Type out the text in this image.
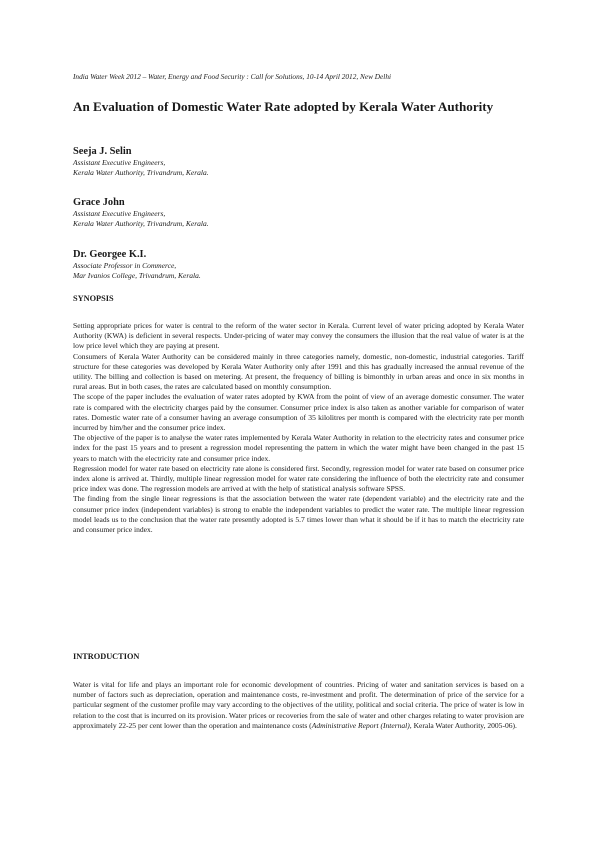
India Water Week 2012 – Water, Energy and Food Security : Call for Solutions, 10-14 April 2012, New Delhi
An Evaluation of Domestic Water Rate adopted by Kerala Water Authority
Seeja J. Selin
Assistant Executive Engineers,
Kerala Water Authority, Trivandrum, Kerala.
Grace John
Assistant Executive Engineers,
Kerala Water Authority, Trivandrum, Kerala.
Dr. Georgee K.I.
Associate Professor in Commerce,
Mar Ivanios College, Trivandrum, Kerala.
SYNOPSIS

Setting appropriate prices for water is central to the reform of the water sector in Kerala. Current level of water pricing adopted by Kerala Water Authority (KWA) is deficient in several respects. Under-pricing of water may convey the consumers the illusion that the real value of water is at the low price level which they are paying at present.

Consumers of Kerala Water Authority can be considered mainly in three categories namely, domestic, non-domestic, industrial categories. Tariff structure for these categories was developed by Kerala Water Authority only after 1991 and this has gradually increased the annual revenue of the utility. The billing and collection is based on metering. At present, the frequency of billing is bimonthly in urban areas and once in six months in rural areas. But in both cases, the rates are calculated based on monthly consumption.

The scope of the paper includes the evaluation of water rates adopted by KWA from the point of view of an average domestic consumer. The water rate is compared with the electricity charges paid by the consumer. Consumer price index is also taken as another variable for comparison of water rates. Domestic water rate of a consumer having an average consumption of 35 kilolitres per month is compared with the electricity rate per month incurred by him/her and the consumer price index.

The objective of the paper is to analyse the water rates implemented by Kerala Water Authority in relation to the electricity rates and consumer price index for the past 15 years and to present a regression model representing the pattern in which the water might have been changed in the past 15 years to match with the electricity rate and consumer price index.

Regression model for water rate based on electricity rate alone is considered first. Secondly, regression model for water rate based on consumer price index alone is arrived at. Thirdly, multiple linear regression model for water rate considering the influence of both the electricity rate and consumer price index was done. The regression models are arrived at with the help of statistical analysis software SPSS.

The finding from the single linear regressions is that the association between the water rate (dependent variable) and the electricity rate and the consumer price index (independent variables) is strong to enable the independent variables to predict the water rate. The multiple linear regression model leads us to the conclusion that the water rate presently adopted is 5.7 times lower than what it should be if it has to match the electricity rate and consumer price index.

INTRODUCTION

Water is vital for life and plays an important role for economic development of countries. Pricing of water and sanitation services is based on a number of factors such as depreciation, operation and maintenance costs, re-investment and profit. The determination of price of the service for a particular segment of the customer profile may vary according to the objectives of the utility, political and social criteria. The price of water is low in relation to the cost that is incurred on its provision. Water prices or recoveries from the sale of water and other charges relating to water provision are approximately 22-25 per cent lower than the operation and maintenance costs (Administrative Report (Internal), Kerala Water Authority, 2005-06).
